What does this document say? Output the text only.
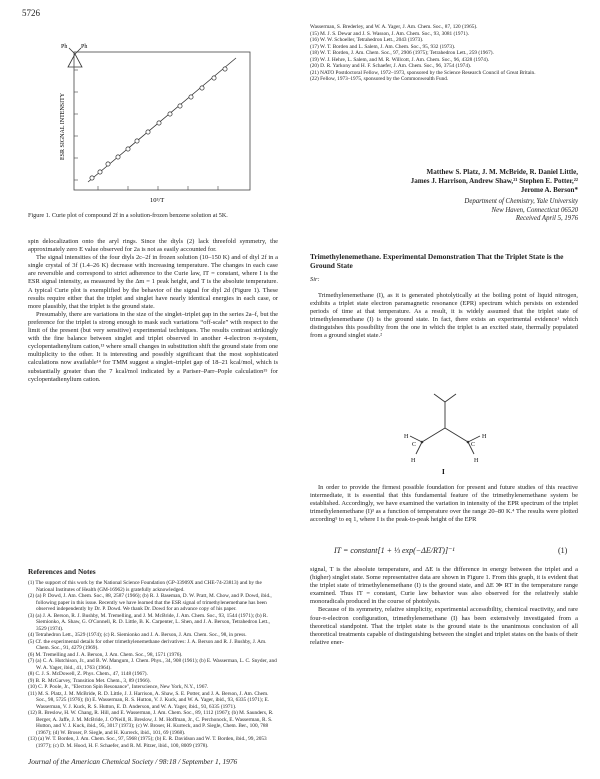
5726
Ph Ph
ESR SIGNAL INTENSITY
10³/T
Figure 1. Curie plot of compound 2f in a solution-frozen benzene solution at 5K.

spin delocalization onto the aryl rings. Since the diyls (2) lack threefold symmetry, the approximately zero E value observed for 2a is not as easily accounted for.

The signal intensities of the four diyls 2c–2f in frozen solution (10–150 K) and of diyl 2f in a single crystal of 3f (1.4–26 K) decrease with increasing temperature. The changes in each case are reversible and correspond to strict adherence to the Curie law, IT = constant, where I is the ESR signal intensity, as measured by the Δm = 1 peak height, and T is the absolute temperature. A typical Curie plot is exemplified by the behavior of the signal for diyl 2d (Figure 1). These results require either that the triplet and singlet have nearly identical energies in each case, or more plausibly, that the triplet is the ground state.

Presumably, there are variations in the size of the singlet–triplet gap in the series 2a–f, but the preference for the triplet is strong enough to mask such variations “off-scale” with respect to the limit of the present (but very sensitive) experimental techniques. The results contrast strikingly with the fine balance between singlet and triplet observed in another 4-electron π-system, cyclopentadienylium cation,¹³ where small changes in substitution shift the ground state from one multiplicity to the other. It is interesting and possibly significant that the most sophisticated calculations now available¹⁴ for TMM suggest a singlet–triplet gap of 18–21 kcal/mol, which is substantially greater than the 7 kcal/mol indicated by a Pariser–Parr–Pople calculation¹⁵ for cyclopentadienylium cation.

References and Notes
(1) The support of this work by the National Science Foundation (GP-33909X and CHE-74-23813) and by the National Institutes of Health (GM-16962) is gratefully acknowledged.
(2) (a) P. Dowd, J. Am. Chem. Soc., 88, 2587 (1966); (b) R. J. Baseman, D. W. Pratt, M. Chow, and P. Dowd, ibid., following paper in this issue. Recently we have learned that the ESR signal of trimethylenemethane has been observed independently by Dr. P. Dowd. We thank Dr. Dowd for an advance copy of his paper.
(3) (a) J. A. Berson, R. J. Bushby, M. Tremelling, and J. M. McBride, J. Am. Chem. Soc., 93, 1544 (1971); (b) R. Siemionko, A. Shaw, G. O'Connell, R. D. Little, B. K. Carpenter, L. Shen, and J. A. Berson, Tetrahedron Lett., 3529 (1974).
(4) Tetrahedron Lett., 3529 (1974); (c) R. Siemionko and J. A. Berson, J. Am. Chem. Soc., 98, in press.
(5) Cf. the experimental details for other trimethylenemethane derivatives: J. A. Berson and R. J. Bushby, J. Am. Chem. Soc., 91, 4279 (1969).
(6) M. Tremelling and J. A. Berson, J. Am. Chem. Soc., 98, 1571 (1976).
(7) (a) C. A. Hutchison, Jr., and B. W. Mangum, J. Chem. Phys., 34, 908 (1961); (b) E. Wasserman, L. C. Snyder, and W. A. Yager, ibid., 41, 1763 (1964).
(8) C. J. S. McDowell, Z. Phys. Chem., 47, 1148 (1967).
(9) B. R. McGarvey, Transition Met. Chem., 3, 89 (1966).
(10) C. P. Poole, Jr., "Electron Spin Resonance", Interscience, New York, N.Y., 1967.
(11) M. S. Platz, J. M. McBride, R. D. Little, J. J. Harrison, A. Shaw, S. E. Potter, and J. A. Berson, J. Am. Chem. Soc., 98, 5725 (1976); (b) E. Wasserman, R. S. Hutton, V. J. Kuck, and W. A. Yager, ibid., 93, 6335 (1971); E. Wasserman, V. J. Kuck, R. S. Hutton, E. D. Anderson, and W. A. Yager, ibid., 93, 6335 (1971).
(12) R. Breslow, H. W. Chang, R. Hill, and E. Wasserman, J. Am. Chem. Soc., 89, 1112 (1967); (b) M. Saunders, R. Berger, A. Jaffe, J. M. McBride, J. O'Neill, R. Breslow, J. M. Hoffman, Jr., C. Perchonock, E. Wasserman, R. S. Hutton, and V. J. Kuck, ibid., 95, 3017 (1973); (c) W. Broser, H. Kurreck, and P. Siegle, Chem. Ber., 100, 788 (1967); (d) W. Broser, P. Siegle, and H. Kurreck, ibid., 101, 69 (1968).
(13) (a) W. T. Borden, J. Am. Chem. Soc., 97, 5968 (1975); (b) E. R. Davidson and W. T. Borden, ibid., 99, 2053 (1977); (c) D. M. Hood, H. F. Schaefer, and R. M. Pitzer, ibid., 100, 8009 (1978).
Wasserman, S. Brederley, and W. A. Yager, J. Am. Chem. Soc., 87, 120 (1965).
(15) M. J. S. Dewar and J. S. Wasson, J. Am. Chem. Soc., 93, 3081 (1971).
(16) W. W. Schoeller, Tetrahedron Lett., 2043 (1973).
(17) W. T. Borden and L. Salem, J. Am. Chem. Soc., 95, 932 (1973).
(18) W. T. Borden, J. Am. Chem. Soc., 97, 2906 (1975); Tetrahedron Lett., 259 (1967).
(19) W. J. Hehre, L. Salem, and M. R. Willcott, J. Am. Chem. Soc., 96, 4328 (1974).
(20) D. R. Yarkony and H. F. Schaefer, J. Am. Chem. Soc., 96, 3754 (1974).
(21) NATO Postdoctoral Fellow, 1972–1973, sponsored by the Science Research Council of Great Britain.
(22) Fellow, 1973–1975, sponsored by the Commonwealth Fund.
Matthew S. Platz, J. M. McBride, R. Daniel Little,
James J. Harrison, Andrew Shaw,²¹ Stephen E. Potter,²²
Jerome A. Berson*
Department of Chemistry, Yale University
New Haven, Connecticut 06520
Received April 5, 1976
Trimethylenemethane. Experimental Demonstration That the Triplet State is the Ground State
Sir:

Trimethylenemethane (I), as it is generated photolytically at the boiling point of liquid nitrogen, exhibits a triplet state electron paramagnetic resonance (EPR) spectrum which persists on extended periods of time at that temperature. As a result, it is widely assumed that the triplet state of trimethylenemethane (I) is the ground state. In fact, there exists an experimental evidence¹ which distinguishes this possibility from the one in which the triplet is an excited state, thermally populated from a ground singlet state.²

H
C
H
H
C
H
I

In order to provide the firmest possible foundation for present and future studies of this reactive intermediate, it is essential that this fundamental feature of the trimethylenemethane system be established. Accordingly, we have examined the variation in intensity of the EPR spectrum of the triplet trimethylenemethane (I)³ as a function of temperature over the range 20–80 K.⁴ The results were plotted according⁵ to eq 1, where I is the peak-to-peak height of the EPR

IT = constant[1 + ⅓ exp(−ΔE/RT)]⁻¹	(1)

signal, T is the absolute temperature, and ΔE is the difference in energy between the triplet and a (higher) singlet state. Some representative data are shown in Figure 1. From this graph, it is evident that the triplet state of trimethylenemethane (I) is the ground state, and ΔE ≫ RT in the temperature range examined. Thus IT = constant, Curie law behavior was also observed for the relatively stable monoradicals produced in the course of photolysis.

Because of its symmetry, relative simplicity, experimental accessibility, chemical reactivity, and rare four-π-electron configuration, trimethylenemethane (I) has been extensively investigated from a theoretical standpoint. That the triplet state is the ground state is the unanimous conclusion of all theoretical treatments capable of distinguishing between the singlet and triplet states on the basis of their relative ener-

Journal of the American Chemical Society / 98:18 / September 1, 1976
